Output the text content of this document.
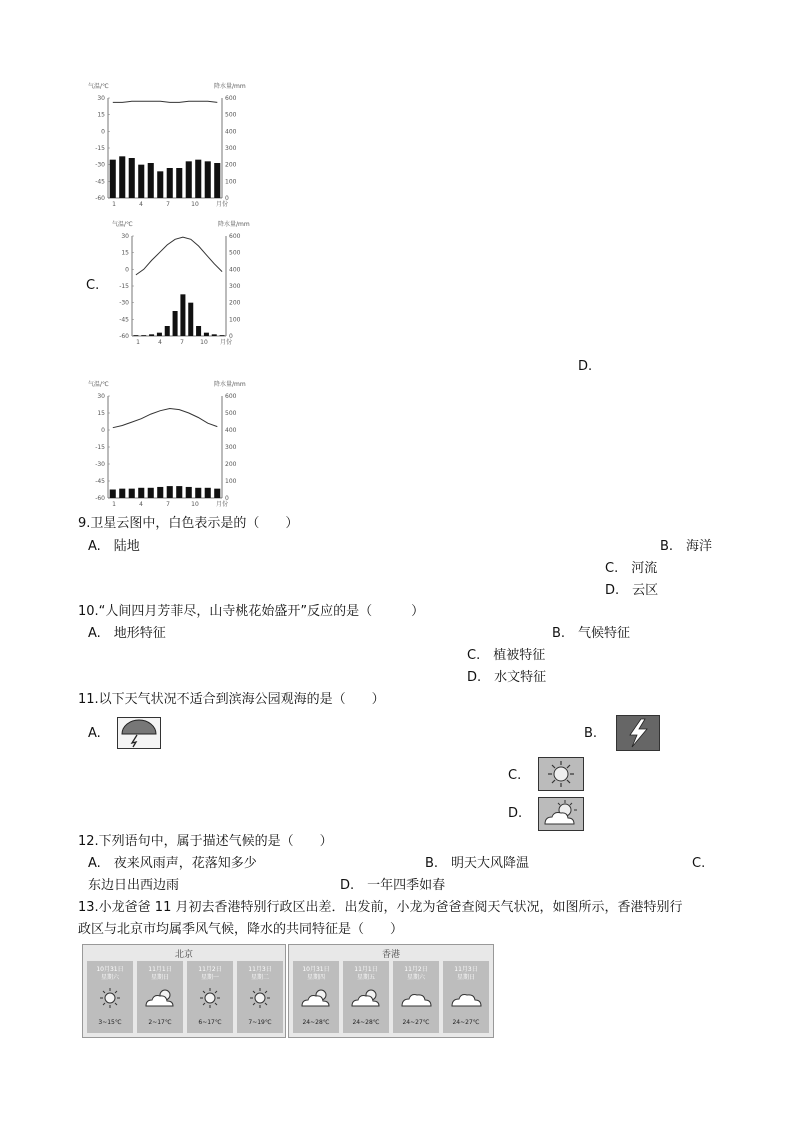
气温/℃	降水量/mm
30
15
0
-15
-30
-45
-60
600
500
400
300
200
100
0
1	4	7	10	月份
C.
气温/℃	降水量/mm
30
15
0
-15
-30
-45
-60
600
500
400
300
200
100
0
1	4	7	10 月份
D.
气温/℃	降水量/mm
30
15
0
-15
-30
-45
-60
600
500
400
300
200
100
0
1	4	7	10	月份
9.卫星云图中，白色表示是的（　　）
A.　陆地	B.　海洋
C.　河流
D.　云区
10.“人间四月芳菲尽，山寺桃花始盛开”反应的是（　　　）
A.　地形特征	B.　气候特征
C.　植被特征
D.　水文特征
11.以下天气状况不适合到滨海公园观海的是（　　）
A.	B.
C.
D.
12.下列语句中，属于描述气候的是（　　）
A.　夜来风雨声，花落知多少	B.　明天大风降温	C.
东边日出西边雨	D.　一年四季如春
13.小龙爸爸 11 月初去香港特别行政区出差．出发前，小龙为爸爸查阅天气状况，如图所示，香港特别行
政区与北京市均属季风气候，降水的共同特征是（　　）
北京
10月31日
星期六
3~15℃
11月1日
星期日
2~17℃
11月2日
星期一
6~17℃
11月3日
星期二
7~19℃
香港
10月31日
星期四
24~28℃
11月1日
星期五
24~28℃
11月2日
星期六
24~27℃
11月3日
星期日
24~27℃
